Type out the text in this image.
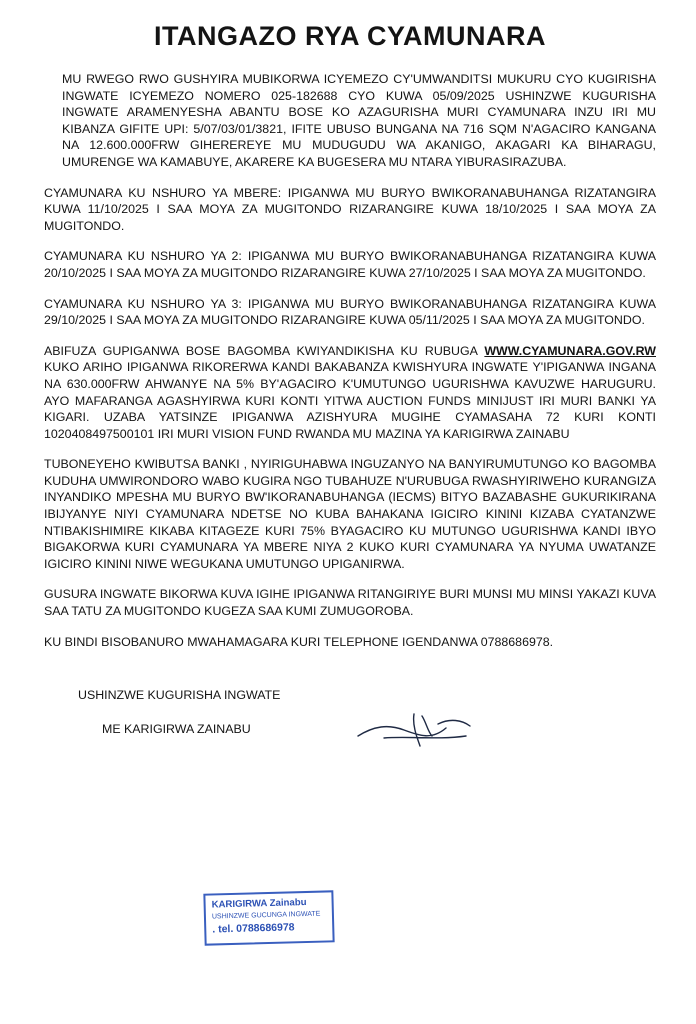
ITANGAZO RYA CYAMUNARA

MU RWEGO RWO GUSHYIRA MUBIKORWA ICYEMEZO CY'UMWANDITSI MUKURU CYO KUGIRISHA INGWATE ICYEMEZO NOMERO 025-182688 CYO KUWA 05/09/2025 USHINZWE KUGURISHA INGWATE ARAMENYESHA ABANTU BOSE KO AZAGURISHA MURI CYAMUNARA INZU IRI MU KIBANZA GIFITE UPI: 5/07/03/01/3821, IFITE UBUSO BUNGANA NA 716 SQM N'AGACIRO KANGANA NA 12.600.000FRW GIHEREREYE MU MUDUGUDU WA AKANIGO, AKAGARI KA BIHARAGU, UMURENGE WA KAMABUYE, AKARERE KA BUGESERA MU NTARA YIBURASIRAZUBA.

CYAMUNARA KU NSHURO YA MBERE: IPIGANWA MU BURYO BWIKORANABUHANGA RIZATANGIRA KUWA 11/10/2025 I SAA MOYA ZA MUGITONDO RIZARANGIRE KUWA 18/10/2025 I SAA MOYA ZA MUGITONDO.

CYAMUNARA KU NSHURO YA 2: IPIGANWA MU BURYO BWIKORANABUHANGA RIZATANGIRA KUWA 20/10/2025 I SAA MOYA ZA MUGITONDO RIZARANGIRE KUWA 27/10/2025 I SAA MOYA ZA MUGITONDO.

CYAMUNARA KU NSHURO YA 3: IPIGANWA MU BURYO BWIKORANABUHANGA RIZATANGIRA KUWA 29/10/2025 I SAA MOYA ZA MUGITONDO RIZARANGIRE KUWA 05/11/2025 I SAA MOYA ZA MUGITONDO.

ABIFUZA GUPIGANWA BOSE BAGOMBA KWIYANDIKISHA KU RUBUGA WWW.CYAMUNARA.GOV.RW KUKO ARIHO IPIGANWA RIKORERWA KANDI BAKABANZA KWISHYURA INGWATE Y'IPIGANWA INGANA NA 630.000FRW AHWANYE NA 5% BY'AGACIRO K'UMUTUNGO UGURISHWA KAVUZWE HARUGURU. AYO MAFARANGA AGASHYIRWA KURI KONTI YITWA AUCTION FUNDS MINIJUST IRI MURI BANKI YA KIGARI. UZABA YATSINZE IPIGANWA AZISHYURA MUGIHE CYAMASAHA 72 KURI KONTI 1020408497500101 IRI MURI VISION FUND RWANDA MU MAZINA YA KARIGIRWA ZAINABU

TUBONEYEHO KWIBUTSA BANKI , NYIRIGUHABWA INGUZANYO NA BANYIRUMUTUNGO KO BAGOMBA KUDUHA UMWIRONDORO WABO KUGIRA NGO TUBAHUZE N'URUBUGA RWASHYIRIWEHO KURANGIZA INYANDIKO MPESHA MU BURYO BW'IKORANABUHANGA (IECMS) BITYO BAZABASHE GUKURIKIRANA IBIJYANYE NIYI CYAMUNARA NDETSE NO KUBA BAHAKANA IGICIRO KININI KIZABA CYATANZWE NTIBAKISHIMIRE KIKABA KITAGEZE KURI 75% BYAGACIRO KU MUTUNGO UGURISHWA KANDI IBYO BIGAKORWA KURI CYAMUNARA YA MBERE NIYA 2 KUKO KURI CYAMUNARA YA NYUMA UWATANZE IGICIRO KININI NIWE WEGUKANA UMUTUNGO UPIGANIRWA.

GUSURA INGWATE BIKORWA KUVA IGIHE IPIGANWA RITANGIRIYE BURI MUNSI MU MINSI YAKAZI KUVA SAA TATU ZA MUGITONDO KUGEZA SAA KUMI ZUMUGOROBA.

KU BINDI BISOBANURO MWAHAMAGARA KURI TELEPHONE IGENDANWA 0788686978.

USHINZWE KUGURISHA INGWATE
ME KARIGIRWA ZAINABU
KARIGIRWA Zainabu
USHINZWE GUCUNGA INGWATE
. tel. 0788686978
